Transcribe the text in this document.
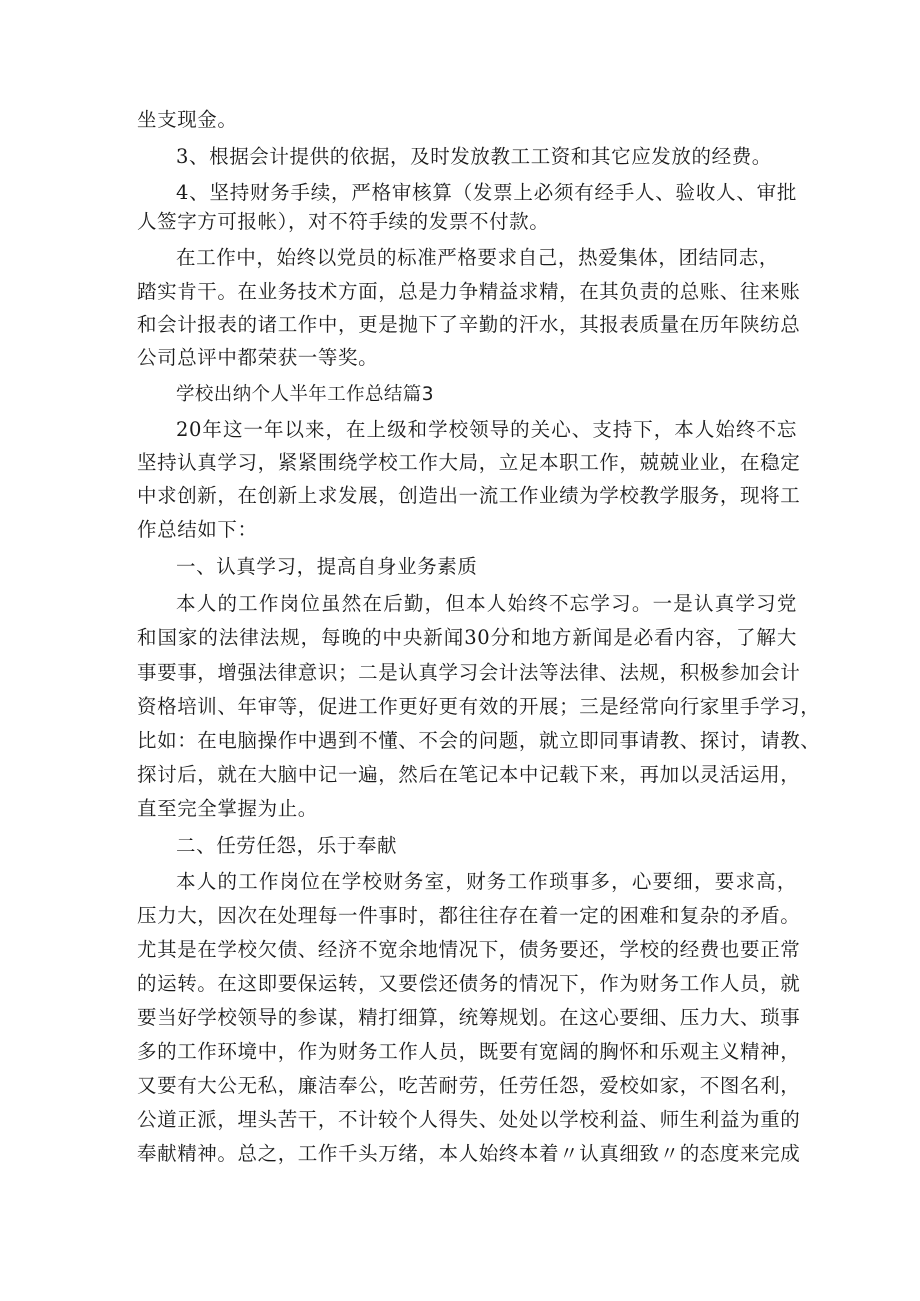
坐支现金。
3、根据会计提供的依据，及时发放教工工资和其它应发放的经费。
4、坚持财务手续，严格审核算（发票上必须有经手人、验收人、审批
人签字方可报帐），对不符手续的发票不付款。
在工作中，始终以党员的标准严格要求自己，热爱集体，团结同志，
踏实肯干。在业务技术方面，总是力争精益求精，在其负责的总账、往来账
和会计报表的诸工作中，更是抛下了辛勤的汗水，其报表质量在历年陕纺总
公司总评中都荣获一等奖。
学校出纳个人半年工作总结篇3
20年这一年以来，在上级和学校领导的关心、支持下，本人始终不忘
坚持认真学习，紧紧围绕学校工作大局，立足本职工作，兢兢业业，在稳定
中求创新，在创新上求发展，创造出一流工作业绩为学校教学服务，现将工
作总结如下：
一、认真学习，提高自身业务素质
本人的工作岗位虽然在后勤，但本人始终不忘学习。一是认真学习党
和国家的法律法规，每晚的中央新闻30分和地方新闻是必看内容，了解大
事要事，增强法律意识；二是认真学习会计法等法律、法规，积极参加会计
资格培训、年审等，促进工作更好更有效的开展；三是经常向行家里手学习，
比如：在电脑操作中遇到不懂、不会的问题，就立即同事请教、探讨，请教、
探讨后，就在大脑中记一遍，然后在笔记本中记载下来，再加以灵活运用，
直至完全掌握为止。
二、任劳任怨，乐于奉献
本人的工作岗位在学校财务室，财务工作琐事多，心要细，要求高，
压力大，因次在处理每一件事时，都往往存在着一定的困难和复杂的矛盾。
尤其是在学校欠债、经济不宽余地情况下，债务要还，学校的经费也要正常
的运转。在这即要保运转，又要偿还债务的情况下，作为财务工作人员，就
要当好学校领导的参谋，精打细算，统筹规划。在这心要细、压力大、琐事
多的工作环境中，作为财务工作人员，既要有宽阔的胸怀和乐观主义精神，
又要有大公无私，廉洁奉公，吃苦耐劳，任劳任怨，爱校如家，不图名利，
公道正派，埋头苦干，不计较个人得失、处处以学校利益、师生利益为重的
奉献精神。总之，工作千头万绪，本人始终本着〃认真细致〃的态度来完成
